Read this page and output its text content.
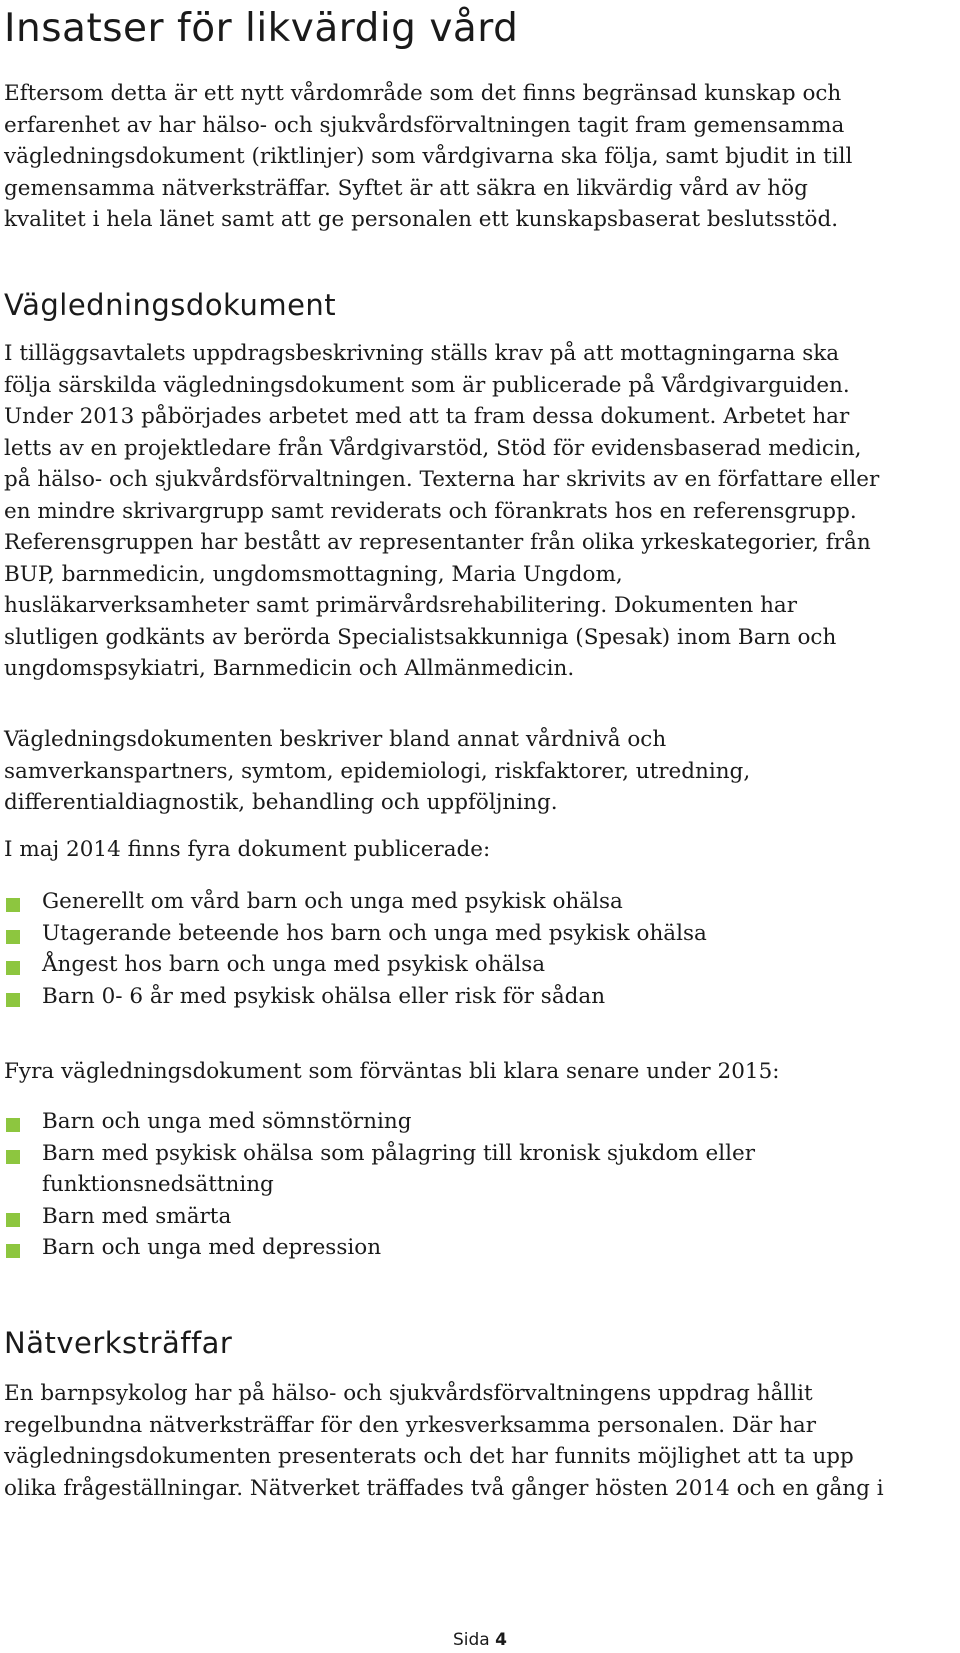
Insatser för likvärdig vård
Eftersom detta är ett nytt vårdområde som det finns begränsad kunskap och
erfarenhet av har hälso- och sjukvårdsförvaltningen tagit fram gemensamma
vägledningsdokument (riktlinjer) som vårdgivarna ska följa, samt bjudit in till
gemensamma nätverksträffar. Syftet är att säkra en likvärdig vård av hög
kvalitet i hela länet samt att ge personalen ett kunskapsbaserat beslutsstöd.
Vägledningsdokument
I tilläggsavtalets uppdragsbeskrivning ställs krav på att mottagningarna ska
följa särskilda vägledningsdokument som är publicerade på Vårdgivarguiden.
Under 2013 påbörjades arbetet med att ta fram dessa dokument. Arbetet har
letts av en projektledare från Vårdgivarstöd, Stöd för evidensbaserad medicin,
på hälso- och sjukvårdsförvaltningen. Texterna har skrivits av en författare eller
en mindre skrivargrupp samt reviderats och förankrats hos en referensgrupp.
Referensgruppen har bestått av representanter från olika yrkeskategorier, från
BUP, barnmedicin, ungdomsmottagning, Maria Ungdom,
husläkarverksamheter samt primärvårdsrehabilitering. Dokumenten har
slutligen godkänts av berörda Specialistsakkunniga (Spesak) inom Barn och
ungdomspsykiatri, Barnmedicin och Allmänmedicin.
Vägledningsdokumenten beskriver bland annat vårdnivå och
samverkanspartners, symtom, epidemiologi, riskfaktorer, utredning,
differentialdiagnostik, behandling och uppföljning.
I maj 2014 finns fyra dokument publicerade:
Generellt om vård barn och unga med psykisk ohälsa
Utagerande beteende hos barn och unga med psykisk ohälsa
Ångest hos barn och unga med psykisk ohälsa
Barn 0- 6 år med psykisk ohälsa eller risk för sådan
Fyra vägledningsdokument som förväntas bli klara senare under 2015:
Barn och unga med sömnstörning
Barn med psykisk ohälsa som pålagring till kronisk sjukdom eller
funktionsnedsättning
Barn med smärta
Barn och unga med depression
Nätverksträffar
En barnpsykolog har på hälso- och sjukvårdsförvaltningens uppdrag hållit
regelbundna nätverksträffar för den yrkesverksamma personalen. Där har
vägledningsdokumenten presenterats och det har funnits möjlighet att ta upp
olika frågeställningar. Nätverket träffades två gånger hösten 2014 och en gång i
Sida 4
